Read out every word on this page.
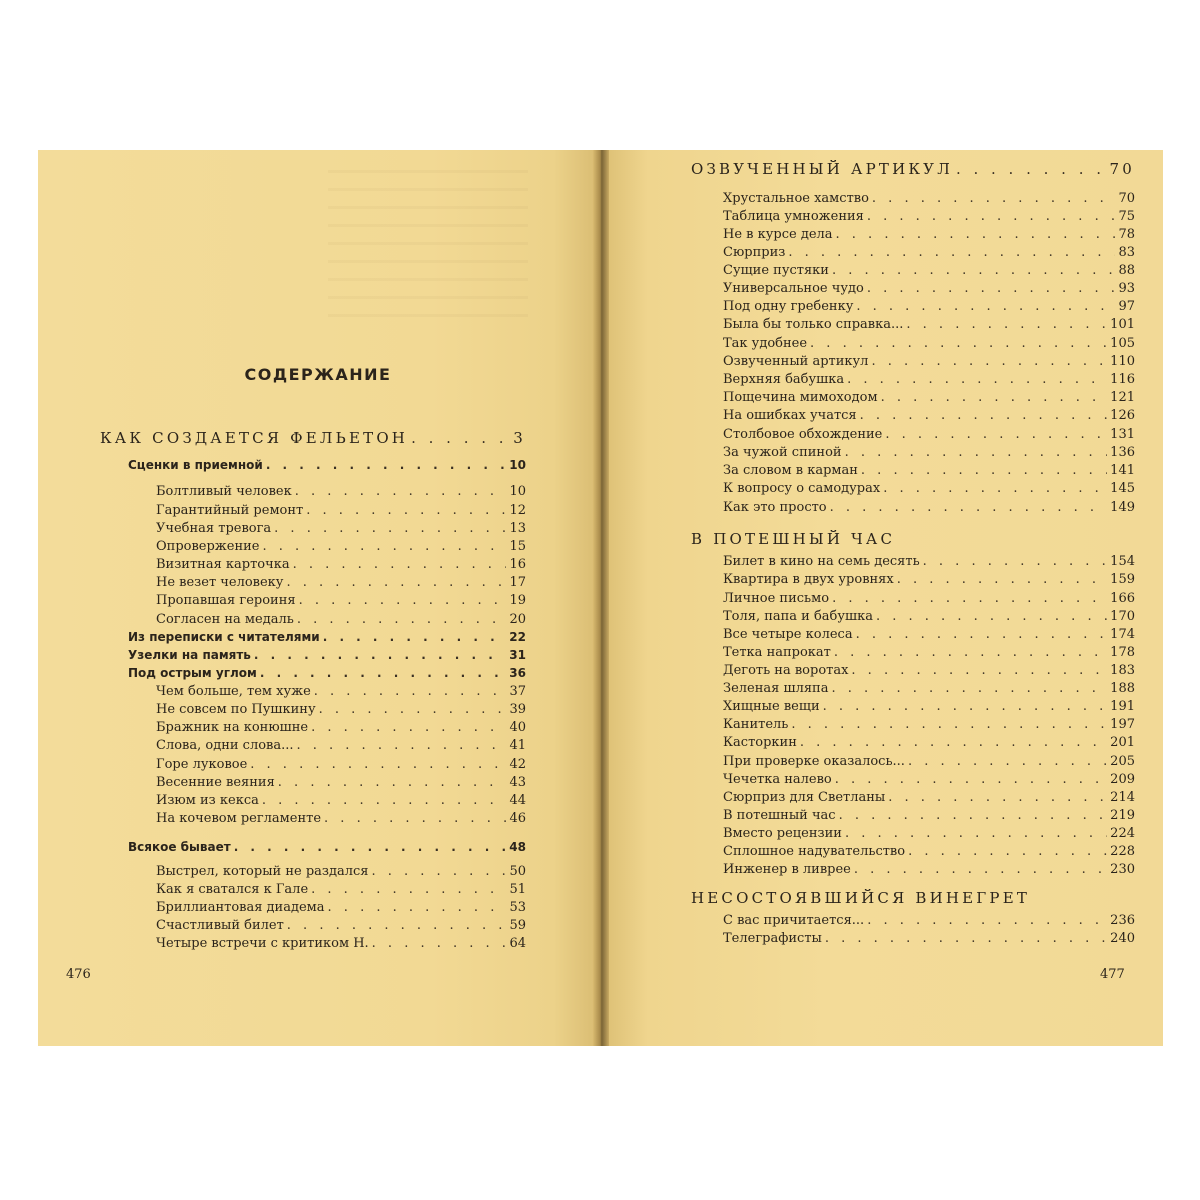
СОДЕРЖАНИЕ
КАК СОЗДАЕТСЯ ФЕЛЬЕТОН . . .	3
Сценки в приемной . . .	10
Болтливый человек . . .	10
Гарантийный ремонт . . .	12
Учебная тревога . . .	13
Опровержение . . .	15
Визитная карточка . . .	16
Не везет человеку . . .	17
Пропавшая героиня . . .	19
Согласен на медаль . . .	20
Из переписки с читателями . . .	22
Узелки на память . . .	31
Под острым углом . . .	36
Чем больше, тем хуже . . .	37
Не совсем по Пушкину . . .	39
Бражник на конюшне . . .	40
Слова, одни слова... . . .	41
Горе луковое . . .	42
Весенние веяния . . .	43
Изюм из кекса . . .	44
На кочевом регламенте . . .	46
Всякое бывает . . .	48
Выстрел, который не раздался . . .	50
Как я сватался к Гале . . .	51
Бриллиантовая диадема . . .	53
Счастливый билет . . .	59
Четыре встречи с критиком Н. . . .	64
476
ОЗВУЧЕННЫЙ АРТИКУЛ . . .	70
Хрустальное хамство . . .	70
Таблица умножения . . .	75
Не в курсе дела . . .	78
Сюрприз . . .	83
Сущие пустяки . . .	88
Универсальное чудо . . .	93
Под одну гребенку . . .	97
Была бы только справка... . . .	101
Так удобнее . . .	105
Озвученный артикул . . .	110
Верхняя бабушка . . .	116
Пощечина мимоходом . . .	121
На ошибках учатся . . .	126
Столбовое обхождение . . .	131
За чужой спиной . . .	136
За словом в карман . . .	141
К вопросу о самодурах . . .	145
Как это просто . . .	149
В ПОТЕШНЫЙ ЧАС
Билет в кино на семь десять . . .	154
Квартира в двух уровнях . . .	159
Личное письмо . . .	166
Толя, папа и бабушка . . .	170
Все четыре колеса . . .	174
Тетка напрокат . . .	178
Деготь на воротах . . .	183
Зеленая шляпа . . .	188
Хищные вещи . . .	191
Канитель . . .	197
Касторкин . . .	201
При проверке оказалось... . . .	205
Чечетка налево . . .	209
Сюрприз для Светланы . . .	214
В потешный час . . .	219
Вместо рецензии . . .	224
Сплошное надувательство . . .	228
Инженер в ливрее . . .	230
НЕСОСТОЯВШИЙСЯ ВИНЕГРЕТ
С вас причитается... . . .	236
Телеграфисты . . .	240
477
